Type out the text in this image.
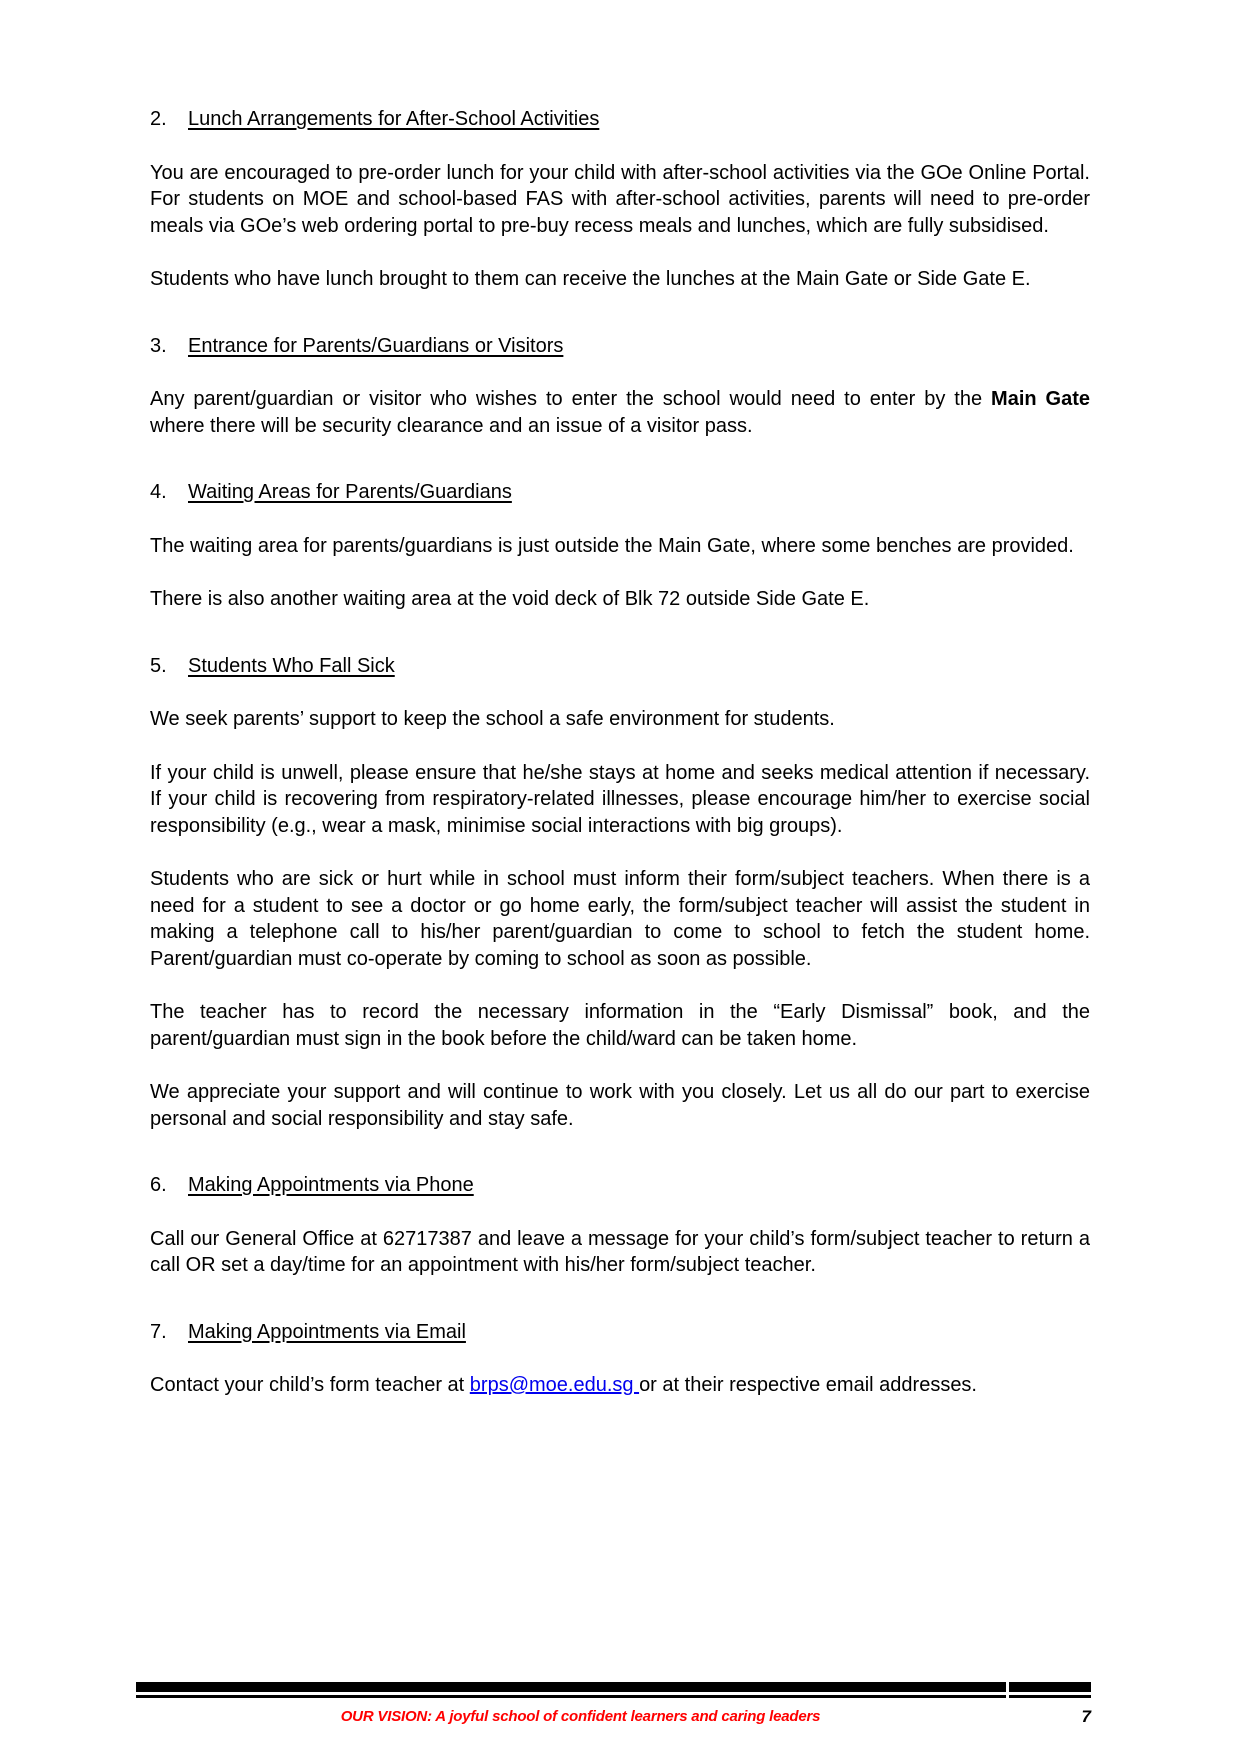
2.	Lunch Arrangements for After-School Activities

You are encouraged to pre-order lunch for your child with after-school activities via the GOe Online Portal. For students on MOE and school-based FAS with after-school activities, parents will need to pre-order meals via GOe’s web ordering portal to pre-buy recess meals and lunches, which are fully subsidised.

Students who have lunch brought to them can receive the lunches at the Main Gate or Side Gate E.

3.	Entrance for Parents/Guardians or Visitors

Any parent/guardian or visitor who wishes to enter the school would need to enter by the Main Gate where there will be security clearance and an issue of a visitor pass.

4.	Waiting Areas for Parents/Guardians

The waiting area for parents/guardians is just outside the Main Gate, where some benches are provided.

There is also another waiting area at the void deck of Blk 72 outside Side Gate E.

5.	Students Who Fall Sick

We seek parents’ support to keep the school a safe environment for students.

If your child is unwell, please ensure that he/she stays at home and seeks medical attention if necessary. If your child is recovering from respiratory-related illnesses, please encourage him/her to exercise social responsibility (e.g., wear a mask, minimise social interactions with big groups).

Students who are sick or hurt while in school must inform their form/subject teachers. When there is a need for a student to see a doctor or go home early, the form/subject teacher will assist the student in making a telephone call to his/her parent/guardian to come to school to fetch the student home. Parent/guardian must co-operate by coming to school as soon as possible.

The teacher has to record the necessary information in the “Early Dismissal” book, and the parent/guardian must sign in the book before the child/ward can be taken home.

We appreciate your support and will continue to work with you closely. Let us all do our part to exercise personal and social responsibility and stay safe.

6.	Making Appointments via Phone

Call our General Office at 62717387 and leave a message for your child’s form/subject teacher to return a call OR set a day/time for an appointment with his/her form/subject teacher.

7.	Making Appointments via Email

Contact your child’s form teacher at brps@moe.edu.sg or at their respective email addresses.

OUR VISION: A joyful school of confident learners and caring leaders	7
